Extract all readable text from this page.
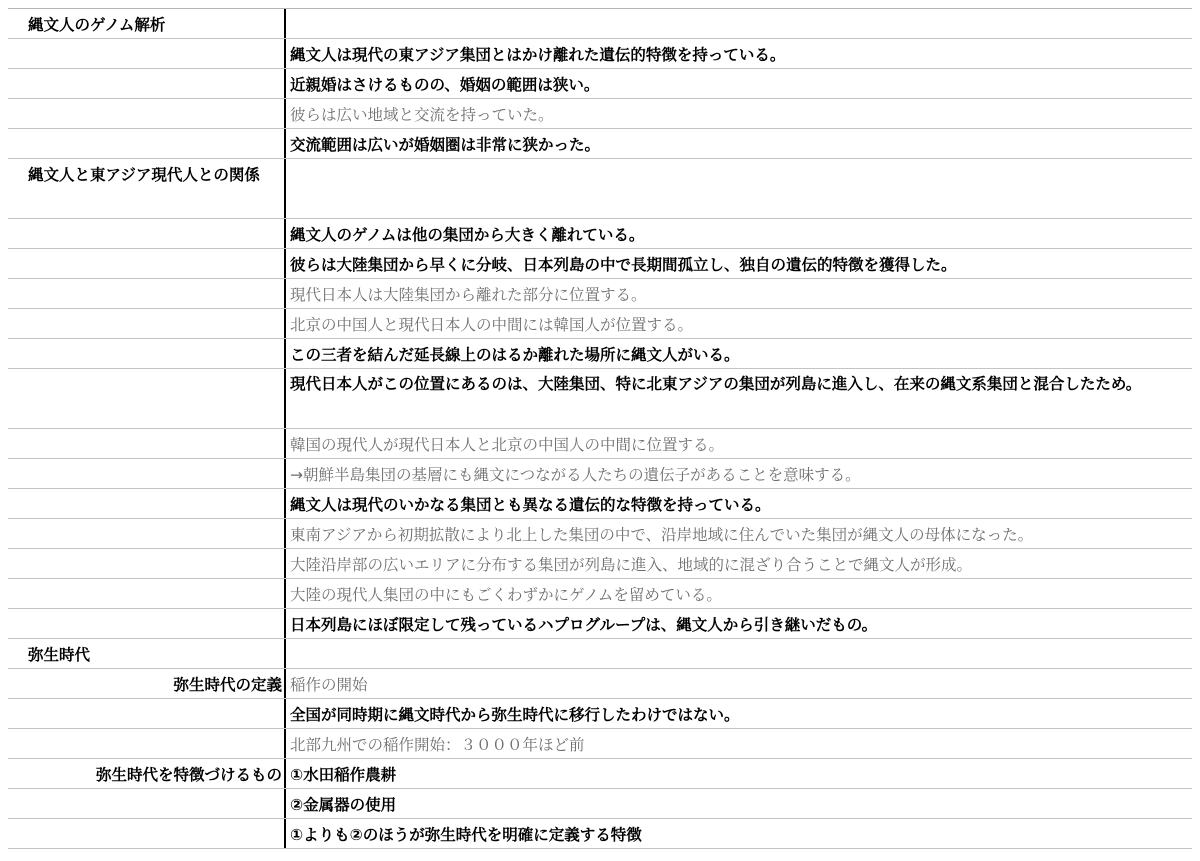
縄文人のゲノム解析
縄文人は現代の東アジア集団とはかけ離れた遺伝的特徴を持っている。
近親婚はさけるものの、婚姻の範囲は狭い。
彼らは広い地域と交流を持っていた。
交流範囲は広いが婚姻圏は非常に狭かった。
縄文人と東アジア現代人との関係
縄文人のゲノムは他の集団から大きく離れている。
彼らは大陸集団から早くに分岐、日本列島の中で長期間孤立し、独自の遺伝的特徴を獲得した。
現代日本人は大陸集団から離れた部分に位置する。
北京の中国人と現代日本人の中間には韓国人が位置する。
この三者を結んだ延長線上のはるか離れた場所に縄文人がいる。
現代日本人がこの位置にあるのは、大陸集団、特に北東アジアの集団が列島に進入し、在来の縄文系集団と混合したため。
韓国の現代人が現代日本人と北京の中国人の中間に位置する。
→朝鮮半島集団の基層にも縄文につながる人たちの遺伝子があることを意味する。
縄文人は現代のいかなる集団とも異なる遺伝的な特徴を持っている。
東南アジアから初期拡散により北上した集団の中で、沿岸地域に住んでいた集団が縄文人の母体になった。
大陸沿岸部の広いエリアに分布する集団が列島に進入、地域的に混ざり合うことで縄文人が形成。
大陸の現代人集団の中にもごくわずかにゲノムを留めている。
日本列島にほぼ限定して残っているハプログループは、縄文人から引き継いだもの。
弥生時代
弥生時代の定義 稲作の開始
全国が同時期に縄文時代から弥生時代に移行したわけではない。
北部九州での稲作開始：３０００年ほど前
弥生時代を特徴づけるもの ①水田稲作農耕
②金属器の使用
①よりも②のほうが弥生時代を明確に定義する特徴
